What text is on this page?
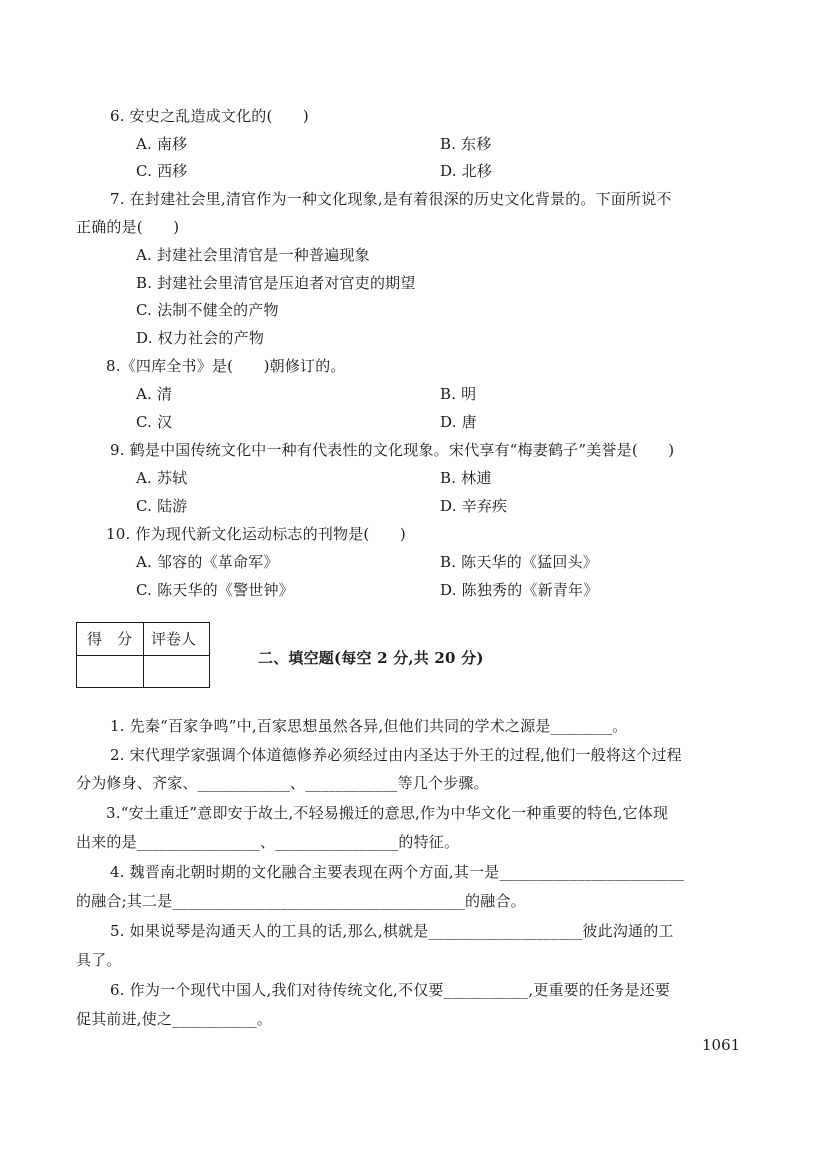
6. 安史之乱造成文化的(　　)
A. 南移	B. 东移
C. 西移	D. 北移
7. 在封建社会里,清官作为一种文化现象,是有着很深的历史文化背景的。下面所说不
正确的是(　　)
A. 封建社会里清官是一种普遍现象
B. 封建社会里清官是压迫者对官吏的期望
C. 法制不健全的产物
D. 权力社会的产物
8.《四库全书》是(　　)朝修订的。
A. 清	B. 明
C. 汉	D. 唐
9. 鹤是中国传统文化中一种有代表性的文化现象。宋代享有“梅妻鹤子”美誉是(　　)
A. 苏轼	B. 林逋
C. 陆游	D. 辛弃疾
10. 作为现代新文化运动标志的刊物是(　　)
A. 邹容的《革命军》	B. 陈天华的《猛回头》
C. 陈天华的《警世钟》	D. 陈独秀的《新青年》
得　分 评卷人
二、填空题(每空 2 分,共 20 分)
1. 先秦“百家争鸣”中,百家思想虽然各异,但他们共同的学术之源是________。
2. 宋代理学家强调个体道德修养必须经过由内圣达于外王的过程,他们一般将这个过程
分为修身、齐家、____________、____________等几个步骤。
3.“安土重迁”意即安于故土,不轻易搬迁的意思,作为中华文化一种重要的特色,它体现
出来的是________________、________________的特征。
4. 魏晋南北朝时期的文化融合主要表现在两个方面,其一是________________________
的融合;其二是______________________________________的融合。
5. 如果说琴是沟通天人的工具的话,那么,棋就是____________________彼此沟通的工
具了。
6. 作为一个现代中国人,我们对待传统文化,不仅要___________,更重要的任务是还要
促其前进,使之___________。
1061
